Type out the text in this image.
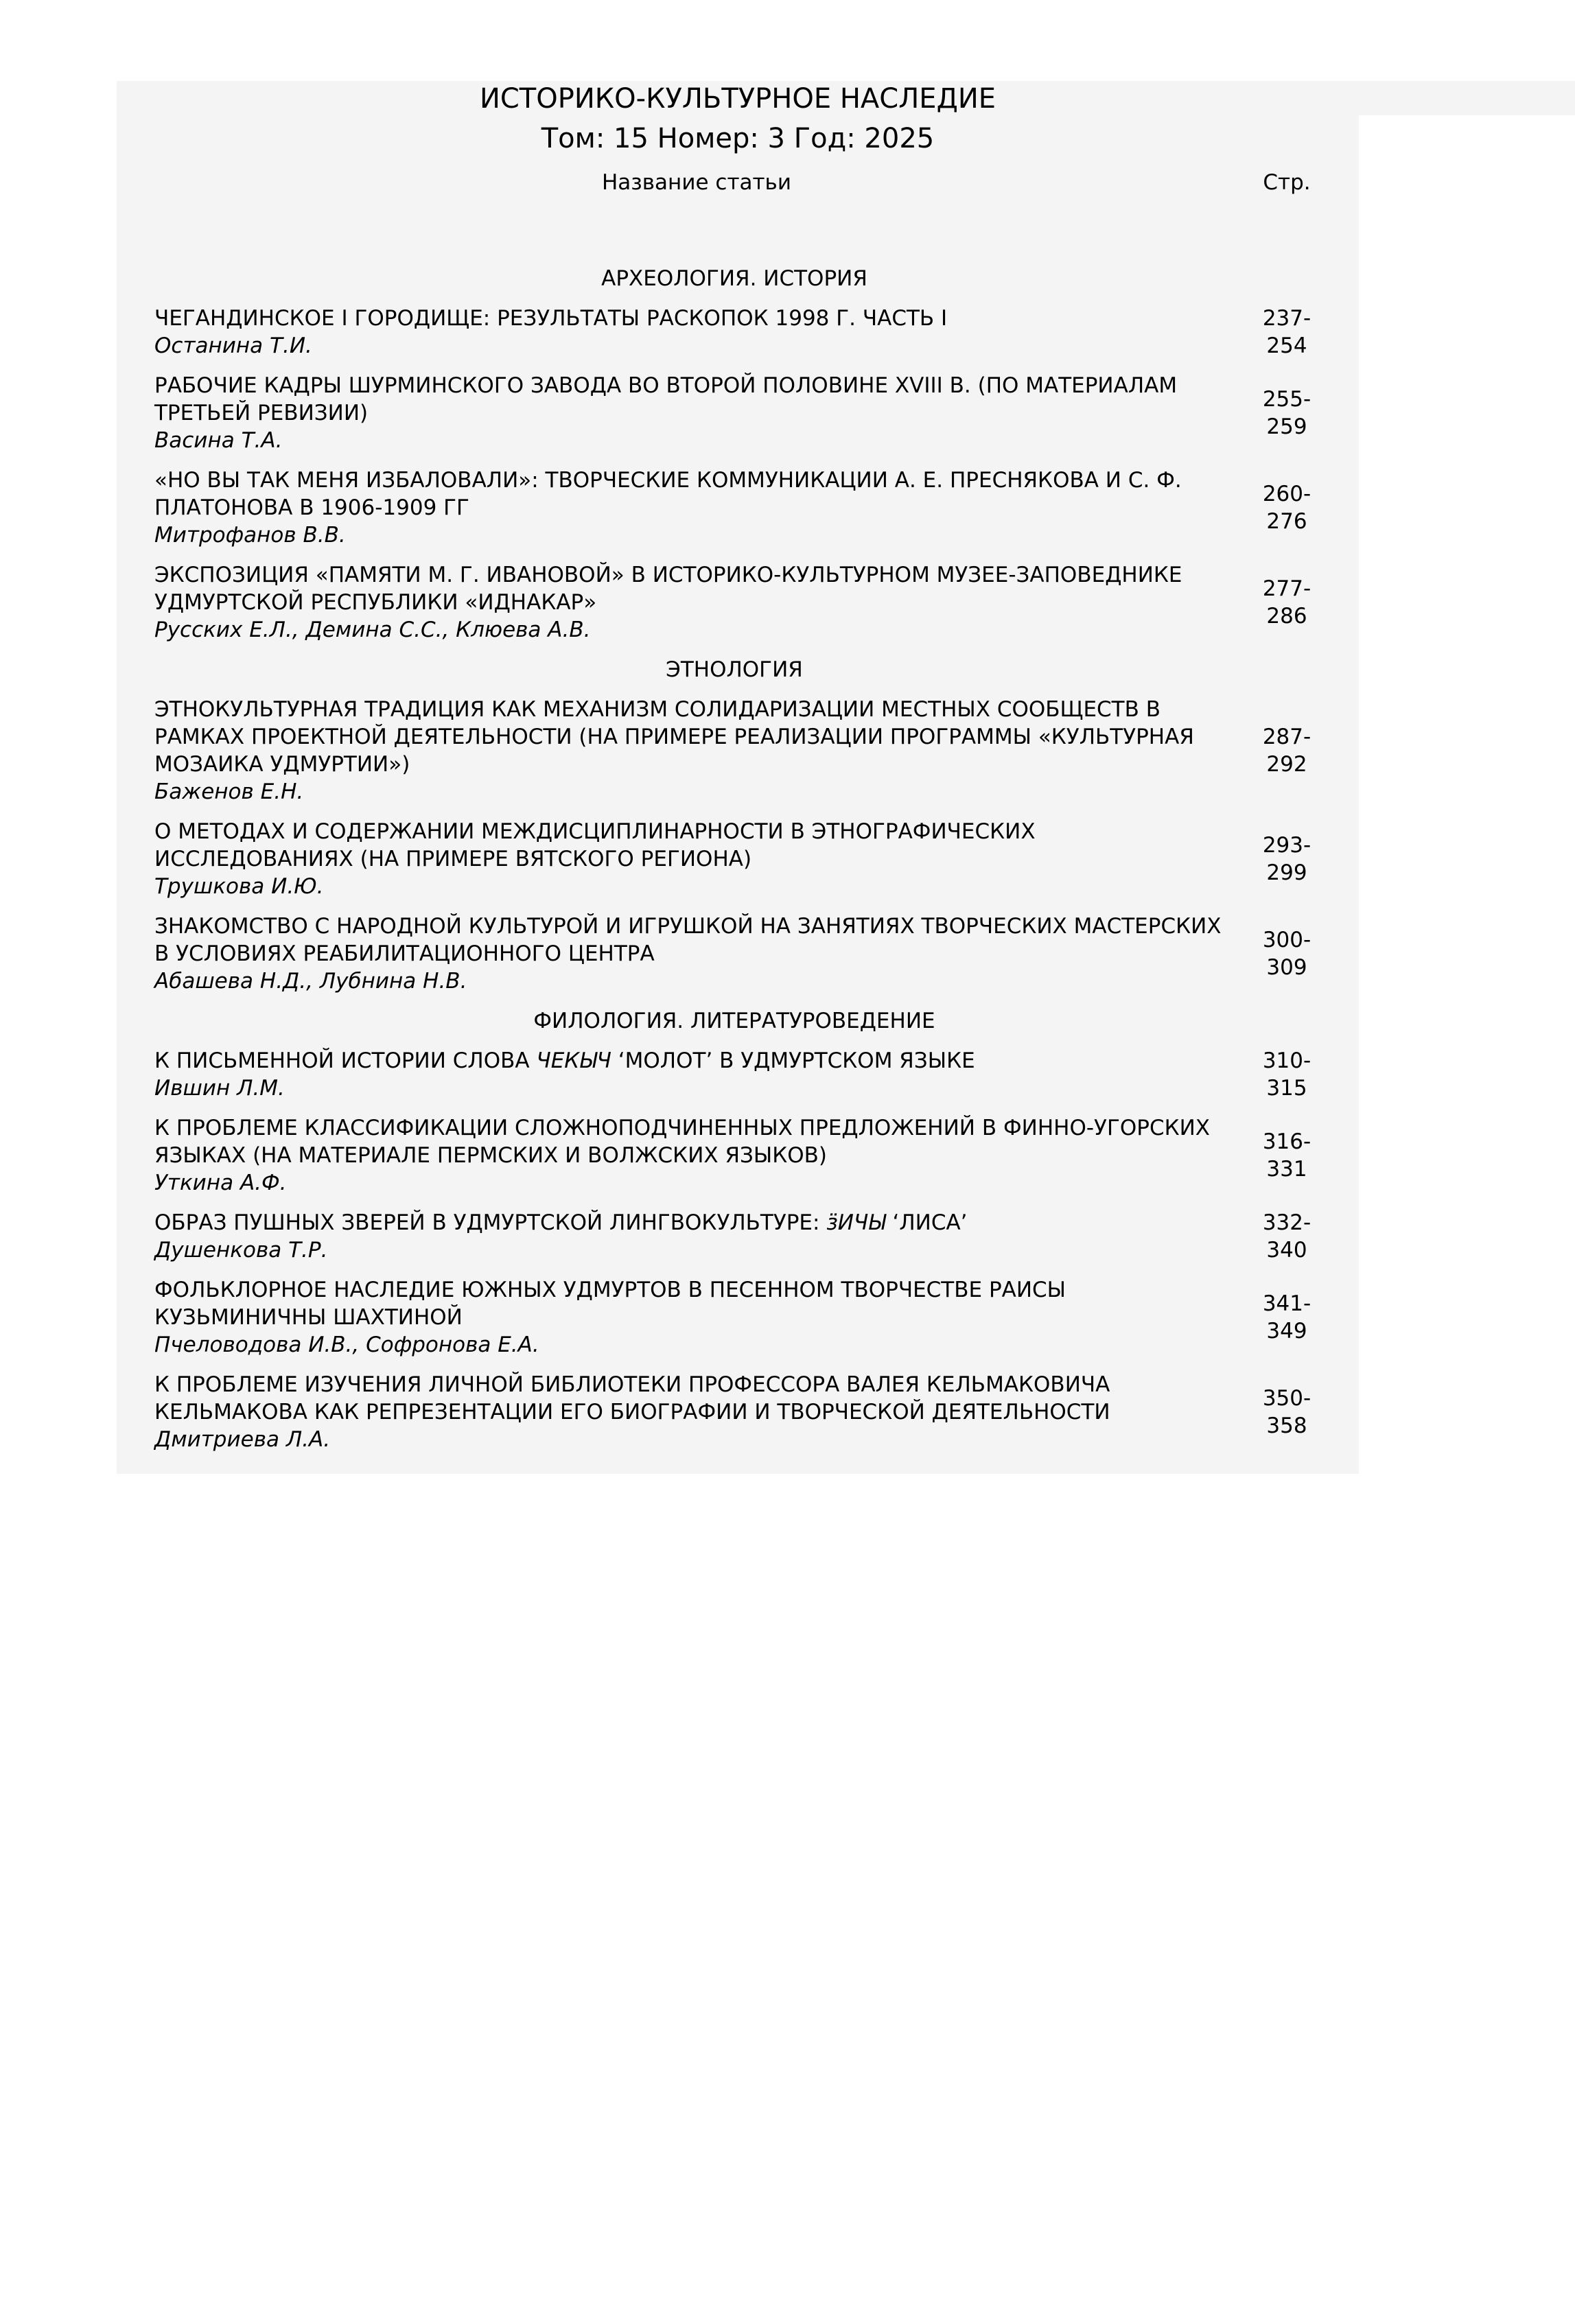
ИСТОРИКО-КУЛЬТУРНОЕ НАСЛЕДИЕ
Том: 15 Номер: 3 Год: 2025
Название статьи	Стр.
АРХЕОЛОГИЯ. ИСТОРИЯ
ЧЕГАНДИНСКОЕ I ГОРОДИЩЕ: РЕЗУЛЬТАТЫ РАСКОПОК 1998 Г. ЧАСТЬ I
Останина Т.И.
237-
254
РАБОЧИЕ КАДРЫ ШУРМИНСКОГО ЗАВОДА ВО ВТОРОЙ ПОЛОВИНЕ XVIII В. (ПО МАТЕРИАЛАМ ТРЕТЬЕЙ РЕВИЗИИ)
Васина Т.А.
255-
259
«НО ВЫ ТАК МЕНЯ ИЗБАЛОВАЛИ»: ТВОРЧЕСКИЕ КОММУНИКАЦИИ А. Е. ПРЕСНЯКОВА И С. Ф. ПЛАТОНОВА В 1906-1909 ГГ
Митрофанов В.В.
260-
276
ЭКСПОЗИЦИЯ «ПАМЯТИ М. Г. ИВАНОВОЙ» В ИСТОРИКО-КУЛЬТУРНОМ МУЗЕЕ-ЗАПОВЕДНИКЕ УДМУРТСКОЙ РЕСПУБЛИКИ «ИДНАКАР»
Русских Е.Л., Демина С.С., Клюева А.В.
277-
286
ЭТНОЛОГИЯ
ЭТНОКУЛЬТУРНАЯ ТРАДИЦИЯ КАК МЕХАНИЗМ СОЛИДАРИЗАЦИИ МЕСТНЫХ СООБЩЕСТВ В РАМКАХ ПРОЕКТНОЙ ДЕЯТЕЛЬНОСТИ (НА ПРИМЕРЕ РЕАЛИЗАЦИИ ПРОГРАММЫ «КУЛЬТУРНАЯ МОЗАИКА УДМУРТИИ»)
Баженов Е.Н.
287-
292
О МЕТОДАХ И СОДЕРЖАНИИ МЕЖДИСЦИПЛИНАРНОСТИ В ЭТНОГРАФИЧЕСКИХ ИССЛЕДОВАНИЯХ (НА ПРИМЕРЕ ВЯТСКОГО РЕГИОНА)
Трушкова И.Ю.
293-
299
ЗНАКОМСТВО С НАРОДНОЙ КУЛЬТУРОЙ И ИГРУШКОЙ НА ЗАНЯТИЯХ ТВОРЧЕСКИХ МАСТЕРСКИХ В УСЛОВИЯХ РЕАБИЛИТАЦИОННОГО ЦЕНТРА
Абашева Н.Д., Лубнина Н.В.
300-
309
ФИЛОЛОГИЯ. ЛИТЕРАТУРОВЕДЕНИЕ
К ПИСЬМЕННОЙ ИСТОРИИ СЛОВА ЧЕКЫЧ ‘МОЛОТ’ В УДМУРТСКОМ ЯЗЫКЕ
Ившин Л.М.
310-
315
К ПРОБЛЕМЕ КЛАССИФИКАЦИИ СЛОЖНОПОДЧИНЕННЫХ ПРЕДЛОЖЕНИЙ В ФИННО-УГОРСКИХ ЯЗЫКАХ (НА МАТЕРИАЛЕ ПЕРМСКИХ И ВОЛЖСКИХ ЯЗЫКОВ)
Уткина А.Ф.
316-
331
ОБРАЗ ПУШНЫХ ЗВЕРЕЙ В УДМУРТСКОЙ ЛИНГВОКУЛЬТУРЕ: ӟИЧЫ ‘ЛИСА’
Душенкова Т.Р.
332-
340
ФОЛЬКЛОРНОЕ НАСЛЕДИЕ ЮЖНЫХ УДМУРТОВ В ПЕСЕННОМ ТВОРЧЕСТВЕ РАИСЫ КУЗЬМИНИЧНЫ ШАХТИНОЙ
Пчеловодова И.В., Софронова Е.А.
341-
349
К ПРОБЛЕМЕ ИЗУЧЕНИЯ ЛИЧНОЙ БИБЛИОТЕКИ ПРОФЕССОРА ВАЛЕЯ КЕЛЬМАКОВИЧА КЕЛЬМАКОВА КАК РЕПРЕЗЕНТАЦИИ ЕГО БИОГРАФИИ И ТВОРЧЕСКОЙ ДЕЯТЕЛЬНОСТИ
Дмитриева Л.А.
350-
358
